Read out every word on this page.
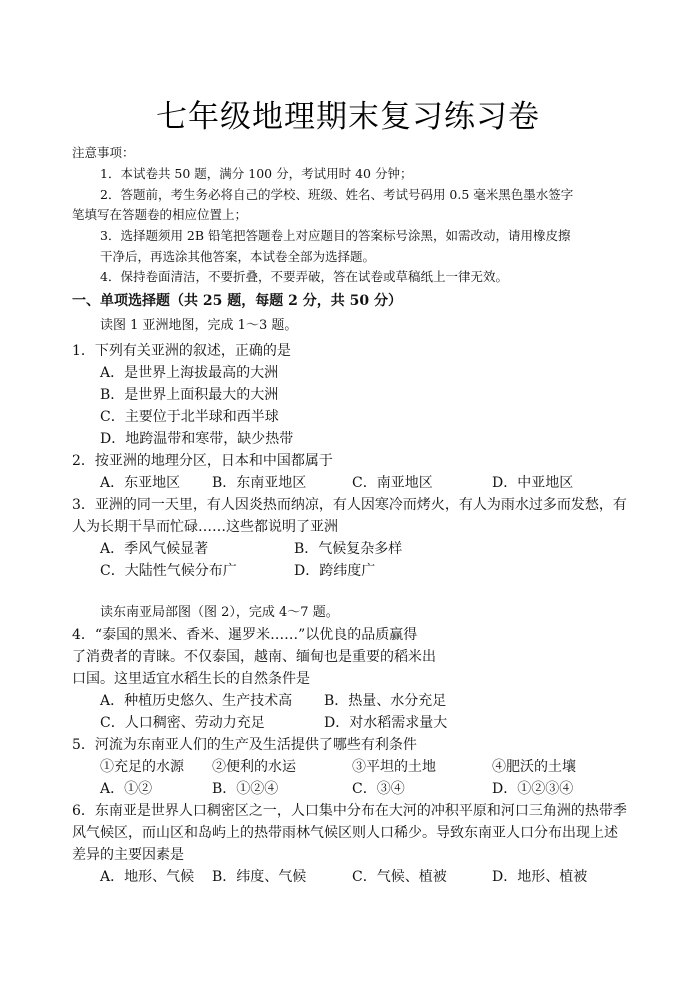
七年级地理期末复习练习卷
注意事项：
1．本试卷共 50 题，满分 100 分，考试用时 40 分钟；
2．答题前，考生务必将自己的学校、班级、姓名、考试号码用 0.5 毫米黑色墨水签字
笔填写在答题卷的相应位置上；
3．选择题须用 2B 铅笔把答题卷上对应题目的答案标号涂黑，如需改动，请用橡皮擦
干净后，再选涂其他答案，本试卷全部为选择题。
4．保持卷面清洁，不要折叠，不要弄破，答在试卷或草稿纸上一律无效。
一、单项选择题（共 25 题，每题 2 分，共 50 分）
读图 1 亚洲地图，完成 1～3 题。
1．下列有关亚洲的叙述，正确的是
A．是世界上海拔最高的大洲
B．是世界上面积最大的大洲
C．主要位于北半球和西半球
D．地跨温带和寒带，缺少热带
2．按亚洲的地理分区，日本和中国都属于
A．东亚地区 B．东南亚地区	C．南亚地区	D．中亚地区
3．亚洲的同一天里，有人因炎热而纳凉，有人因寒冷而烤火，有人为雨水过多而发愁，有
人为长期干旱而忙碌……这些都说明了亚洲
A．季风气候显著	B．气候复杂多样
C．大陆性气候分布广	D．跨纬度广
读东南亚局部图（图 2），完成 4～7 题。
4．“泰国的黑米、香米、暹罗米……”以优良的品质赢得
了消费者的青睐。不仅泰国，越南、缅甸也是重要的稻米出
口国。这里适宜水稻生长的自然条件是
A．种植历史悠久、生产技术高 B．热量、水分充足
C．人口稠密、劳动力充足	D．对水稻需求量大
5．河流为东南亚人们的生产及生活提供了哪些有利条件
①充足的水源 ②便利的水运	③平坦的土地	④肥沃的土壤
A．①②	B．①②④	C．③④	D．①②③④
6．东南亚是世界人口稠密区之一，人口集中分布在大河的冲积平原和河口三角洲的热带季
风气候区，而山区和岛屿上的热带雨林气候区则人口稀少。导致东南亚人口分布出现上述
差异的主要因素是
A．地形、气候 B．纬度、气候	C．气候、植被	D．地形、植被
